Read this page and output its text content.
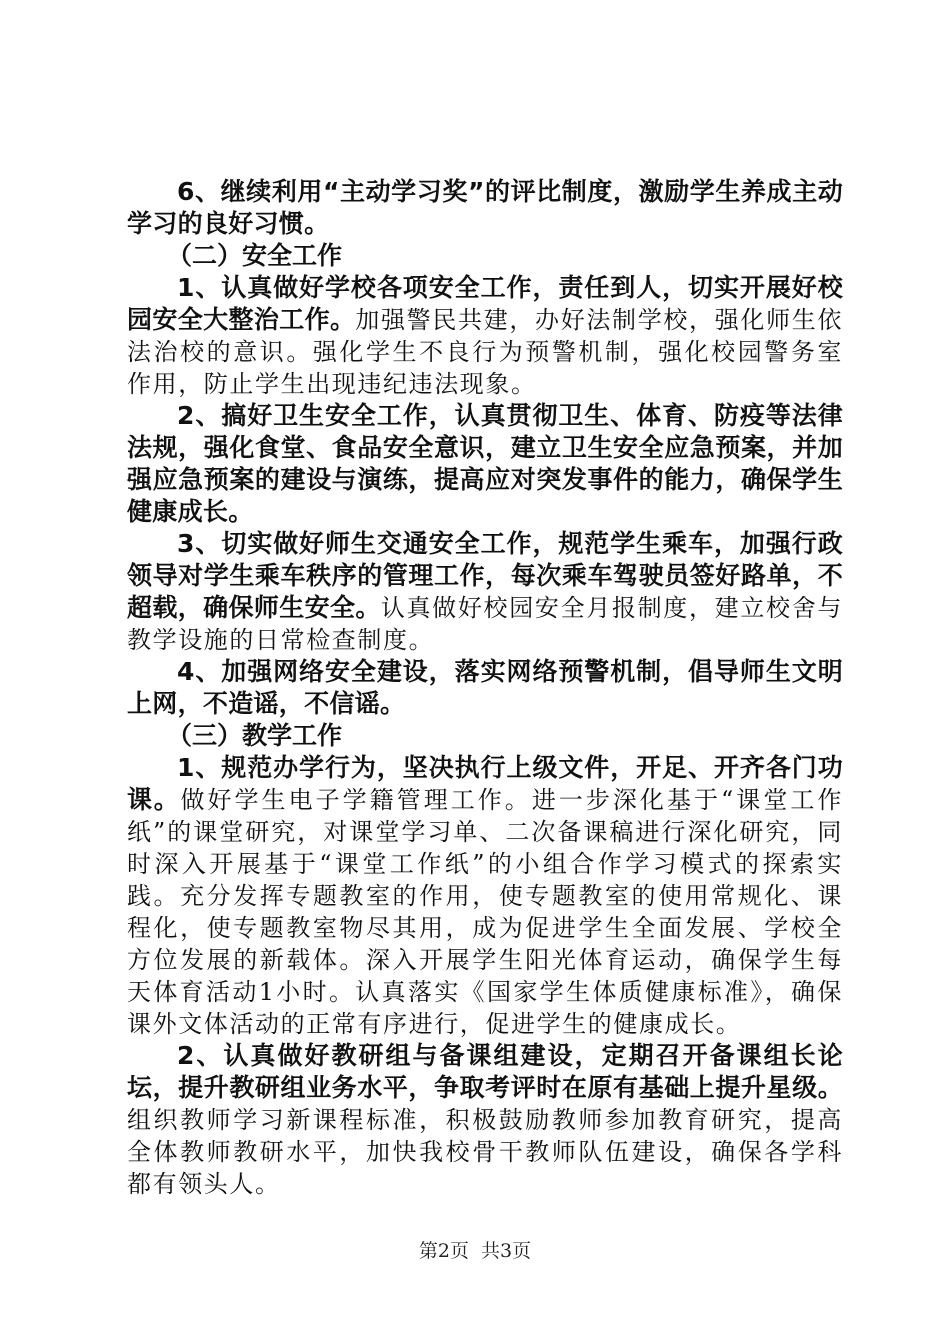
6、继续利用“主动学习奖”的评比制度，激励学生养成主动学习的良好习惯。

（二）安全工作

1、认真做好学校各项安全工作，责任到人，切实开展好校园安全大整治工作。加强警民共建，办好法制学校，强化师生依法治校的意识。强化学生不良行为预警机制，强化校园警务室作用，防止学生出现违纪违法现象。

2、搞好卫生安全工作，认真贯彻卫生、体育、防疫等法律法规，强化食堂、食品安全意识，建立卫生安全应急预案，并加强应急预案的建设与演练，提高应对突发事件的能力，确保学生健康成长。

3、切实做好师生交通安全工作，规范学生乘车，加强行政领导对学生乘车秩序的管理工作，每次乘车驾驶员签好路单，不超载，确保师生安全。认真做好校园安全月报制度，建立校舍与教学设施的日常检查制度。

4、加强网络安全建设，落实网络预警机制，倡导师生文明上网，不造谣，不信谣。

（三）教学工作

1、规范办学行为，坚决执行上级文件，开足、开齐各门功课。做好学生电子学籍管理工作。进一步深化基于“课堂工作纸”的课堂研究，对课堂学习单、二次备课稿进行深化研究，同时深入开展基于“课堂工作纸”的小组合作学习模式的探索实践。充分发挥专题教室的作用，使专题教室的使用常规化、课程化，使专题教室物尽其用，成为促进学生全面发展、学校全方位发展的新载体。深入开展学生阳光体育运动，确保学生每天体育活动1小时。认真落实《国家学生体质健康标准》，确保课外文体活动的正常有序进行，促进学生的健康成长。

2、认真做好教研组与备课组建设，定期召开备课组长论坛，提升教研组业务水平，争取考评时在原有基础上提升星级。组织教师学习新课程标准，积极鼓励教师参加教育研究，提高全体教师教研水平，加快我校骨干教师队伍建设，确保各学科都有领头人。

第2页 共3页
